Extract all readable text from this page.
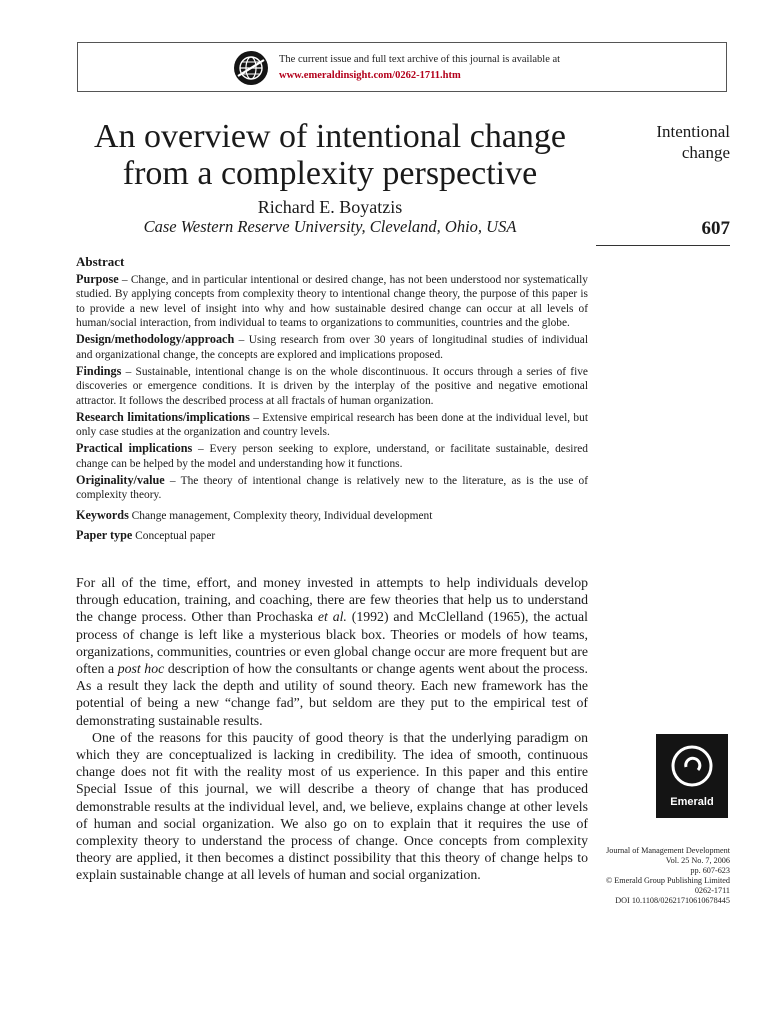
The current issue and full text archive of this journal is available at
www.emeraldinsight.com/0262-1711.htm
An overview of intentional change
from a complexity perspective
Richard E. Boyatzis
Case Western Reserve University, Cleveland, Ohio, USA
Intentional
change
607
Abstract

Purpose – Change, and in particular intentional or desired change, has not been understood nor systematically studied. By applying concepts from complexity theory to intentional change theory, the purpose of this paper is to provide a new level of insight into why and how sustainable desired change can occur at all levels of human/social interaction, from individual to teams to organizations to communities, countries and the globe.

Design/methodology/approach – Using research from over 30 years of longitudinal studies of individual and organizational change, the concepts are explored and implications proposed.

Findings – Sustainable, intentional change is on the whole discontinuous. It occurs through a series of five discoveries or emergence conditions. It is driven by the interplay of the positive and negative emotional attractor. It follows the described process at all fractals of human organization.

Research limitations/implications – Extensive empirical research has been done at the individual level, but only case studies at the organization and country levels.

Practical implications – Every person seeking to explore, understand, or facilitate sustainable, desired change can be helped by the model and understanding how it functions.

Originality/value – The theory of intentional change is relatively new to the literature, as is the use of complexity theory.

Keywords Change management, Complexity theory, Individual development

Paper type Conceptual paper

For all of the time, effort, and money invested in attempts to help individuals develop through education, training, and coaching, there are few theories that help us to understand the change process. Other than Prochaska et al. (1992) and McClelland (1965), the actual process of change is left like a mysterious black box. Theories or models of how teams, organizations, communities, countries or even global change occur are more frequent but are often a post hoc description of how the consultants or change agents went about the process. As a result they lack the depth and utility of sound theory. Each new framework has the potential of being a new “change fad”, but seldom are they put to the empirical test of demonstrating sustainable results.

One of the reasons for this paucity of good theory is that the underlying paradigm on which they are conceptualized is lacking in credibility. The idea of smooth, continuous change does not fit with the reality most of us experience. In this paper and this entire Special Issue of this journal, we will describe a theory of change that has produced demonstrable results at the individual level, and, we believe, explains change at other levels of human and social organization. We also go on to explain that it requires the use of complexity theory to understand the process of change. Once concepts from complexity theory are applied, it then becomes a distinct possibility that this theory of change helps to explain sustainable change at all levels of human and social organization.

Emerald
Journal of Management Development
Vol. 25 No. 7, 2006
pp. 607-623
© Emerald Group Publishing Limited
0262-1711
DOI 10.1108/02621710610678445
